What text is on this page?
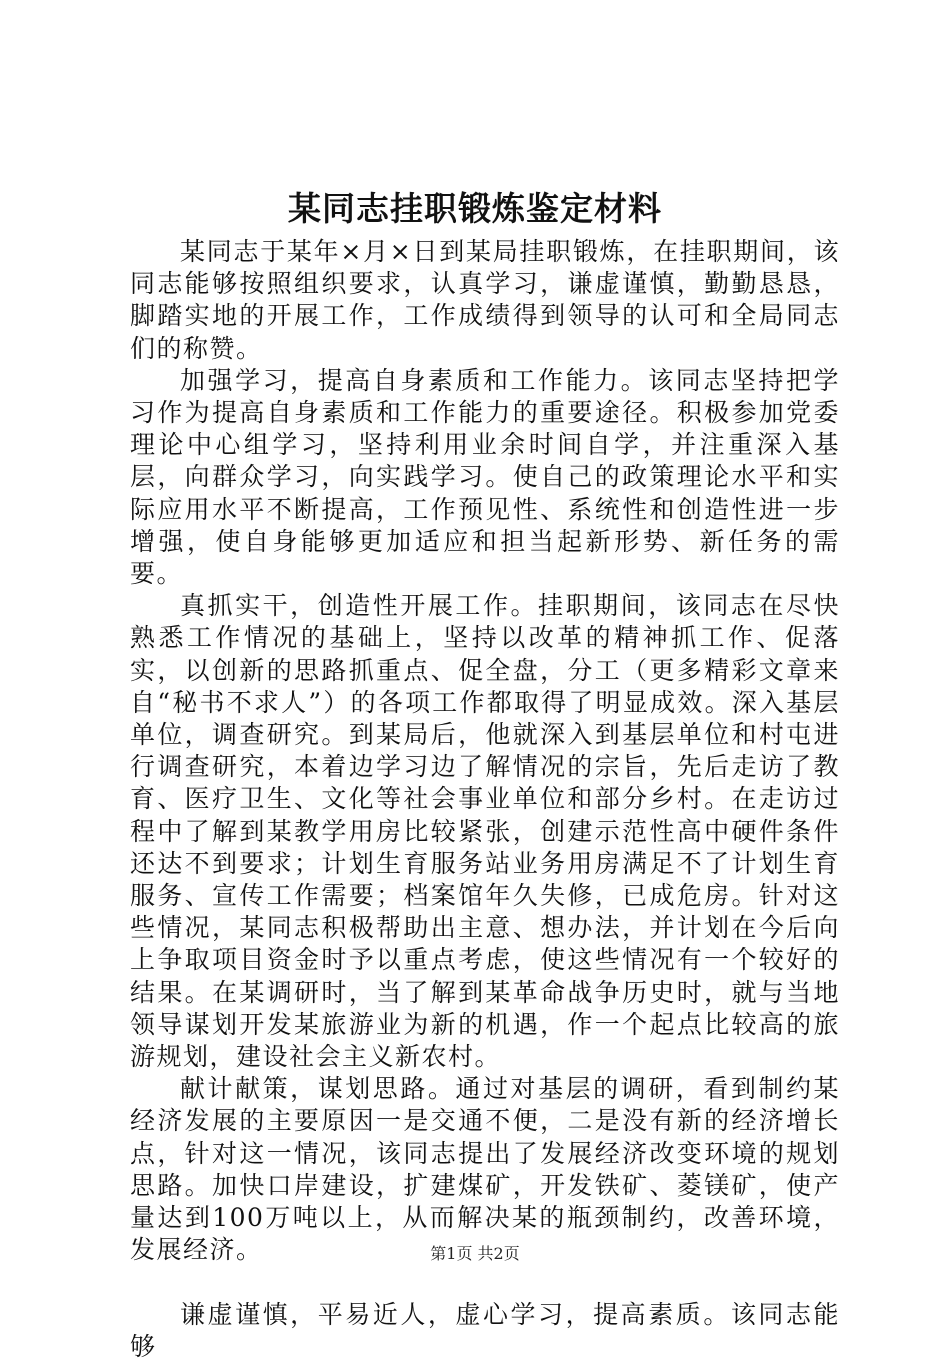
某同志挂职锻炼鉴定材料

某同志于某年×月×日到某局挂职锻炼，在挂职期间，该同志能够按照组织要求，认真学习，谦虚谨慎，勤勤恳恳，脚踏实地的开展工作，工作成绩得到领导的认可和全局同志们的称赞。

加强学习，提高自身素质和工作能力。该同志坚持把学习作为提高自身素质和工作能力的重要途径。积极参加党委理论中心组学习，坚持利用业余时间自学，并注重深入基层，向群众学习，向实践学习。使自己的政策理论水平和实际应用水平不断提高，工作预见性、系统性和创造性进一步增强，使自身能够更加适应和担当起新形势、新任务的需要。

真抓实干，创造性开展工作。挂职期间，该同志在尽快熟悉工作情况的基础上，坚持以改革的精神抓工作、促落实，以创新的思路抓重点、促全盘，分工（更多精彩文章来自“秘书不求人”）的各项工作都取得了明显成效。深入基层单位，调查研究。到某局后，他就深入到基层单位和村屯进行调查研究，本着边学习边了解情况的宗旨，先后走访了教育、医疗卫生、文化等社会事业单位和部分乡村。在走访过程中了解到某教学用房比较紧张，创建示范性高中硬件条件还达不到要求；计划生育服务站业务用房满足不了计划生育服务、宣传工作需要；档案馆年久失修，已成危房。针对这些情况，某同志积极帮助出主意、想办法，并计划在今后向上争取项目资金时予以重点考虑，使这些情况有一个较好的结果。在某调研时，当了解到某革命战争历史时，就与当地领导谋划开发某旅游业为新的机遇，作一个起点比较高的旅游规划，建设社会主义新农村。

献计献策，谋划思路。通过对基层的调研，看到制约某经济发展的主要原因一是交通不便，二是没有新的经济增长点，针对这一情况，该同志提出了发展经济改变环境的规划思路。加快口岸建设，扩建煤矿，开发铁矿、菱镁矿，使产量达到100万吨以上，从而解决某的瓶颈制约，改善环境，发展经济。

谦虚谨慎，平易近人，虚心学习，提高素质。该同志能够

第1页 共2页
